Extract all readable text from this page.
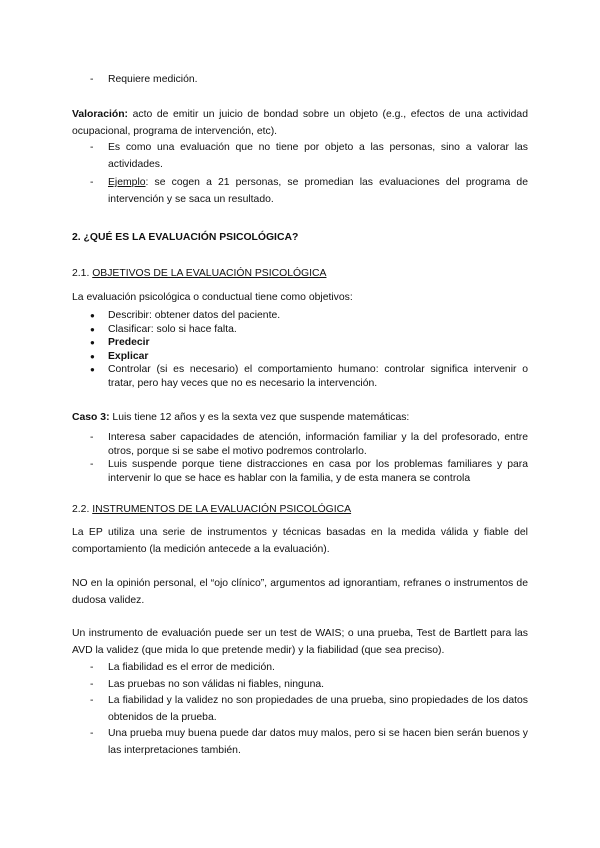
- Requiere medición.
Valoración: acto de emitir un juicio de bondad sobre un objeto (e.g., efectos de una actividad ocupacional, programa de intervención, etc).
- Es como una evaluación que no tiene por objeto a las personas, sino a valorar las actividades.
- Ejemplo: se cogen a 21 personas, se promedian las evaluaciones del programa de intervención y se saca un resultado.
2. ¿QUÉ ES LA EVALUACIÓN PSICOLÓGICA?
2.1. OBJETIVOS DE LA EVALUACIÓN PSICOLÓGICA
La evaluación psicológica o conductual tiene como objetivos:
● Describir: obtener datos del paciente.
● Clasificar: solo si hace falta.
● Predecir
● Explicar
● Controlar (si es necesario) el comportamiento humano: controlar significa intervenir o tratar, pero hay veces que no es necesario la intervención.
Caso 3: Luis tiene 12 años y es la sexta vez que suspende matemáticas:
- Interesa saber capacidades de atención, información familiar y la del profesorado, entre otros, porque si se sabe el motivo podremos controlarlo.
- Luis suspende porque tiene distracciones en casa por los problemas familiares y para intervenir lo que se hace es hablar con la familia, y de esta manera se controla
2.2. INSTRUMENTOS DE LA EVALUACIÓN PSICOLÓGICA
La EP utiliza una serie de instrumentos y técnicas basadas en la medida válida y fiable del comportamiento (la medición antecede a la evaluación).
NO en la opinión personal, el “ojo clínico”, argumentos ad ignorantiam, refranes o instrumentos de dudosa validez.
Un instrumento de evaluación puede ser un test de WAIS; o una prueba, Test de Bartlett para las AVD la validez (que mida lo que pretende medir) y la fiabilidad (que sea preciso).
- La fiabilidad es el error de medición.
- Las pruebas no son válidas ni fiables, ninguna.
- La fiabilidad y la validez no son propiedades de una prueba, sino propiedades de los datos obtenidos de la prueba.
- Una prueba muy buena puede dar datos muy malos, pero si se hacen bien serán buenos y las interpretaciones también.
